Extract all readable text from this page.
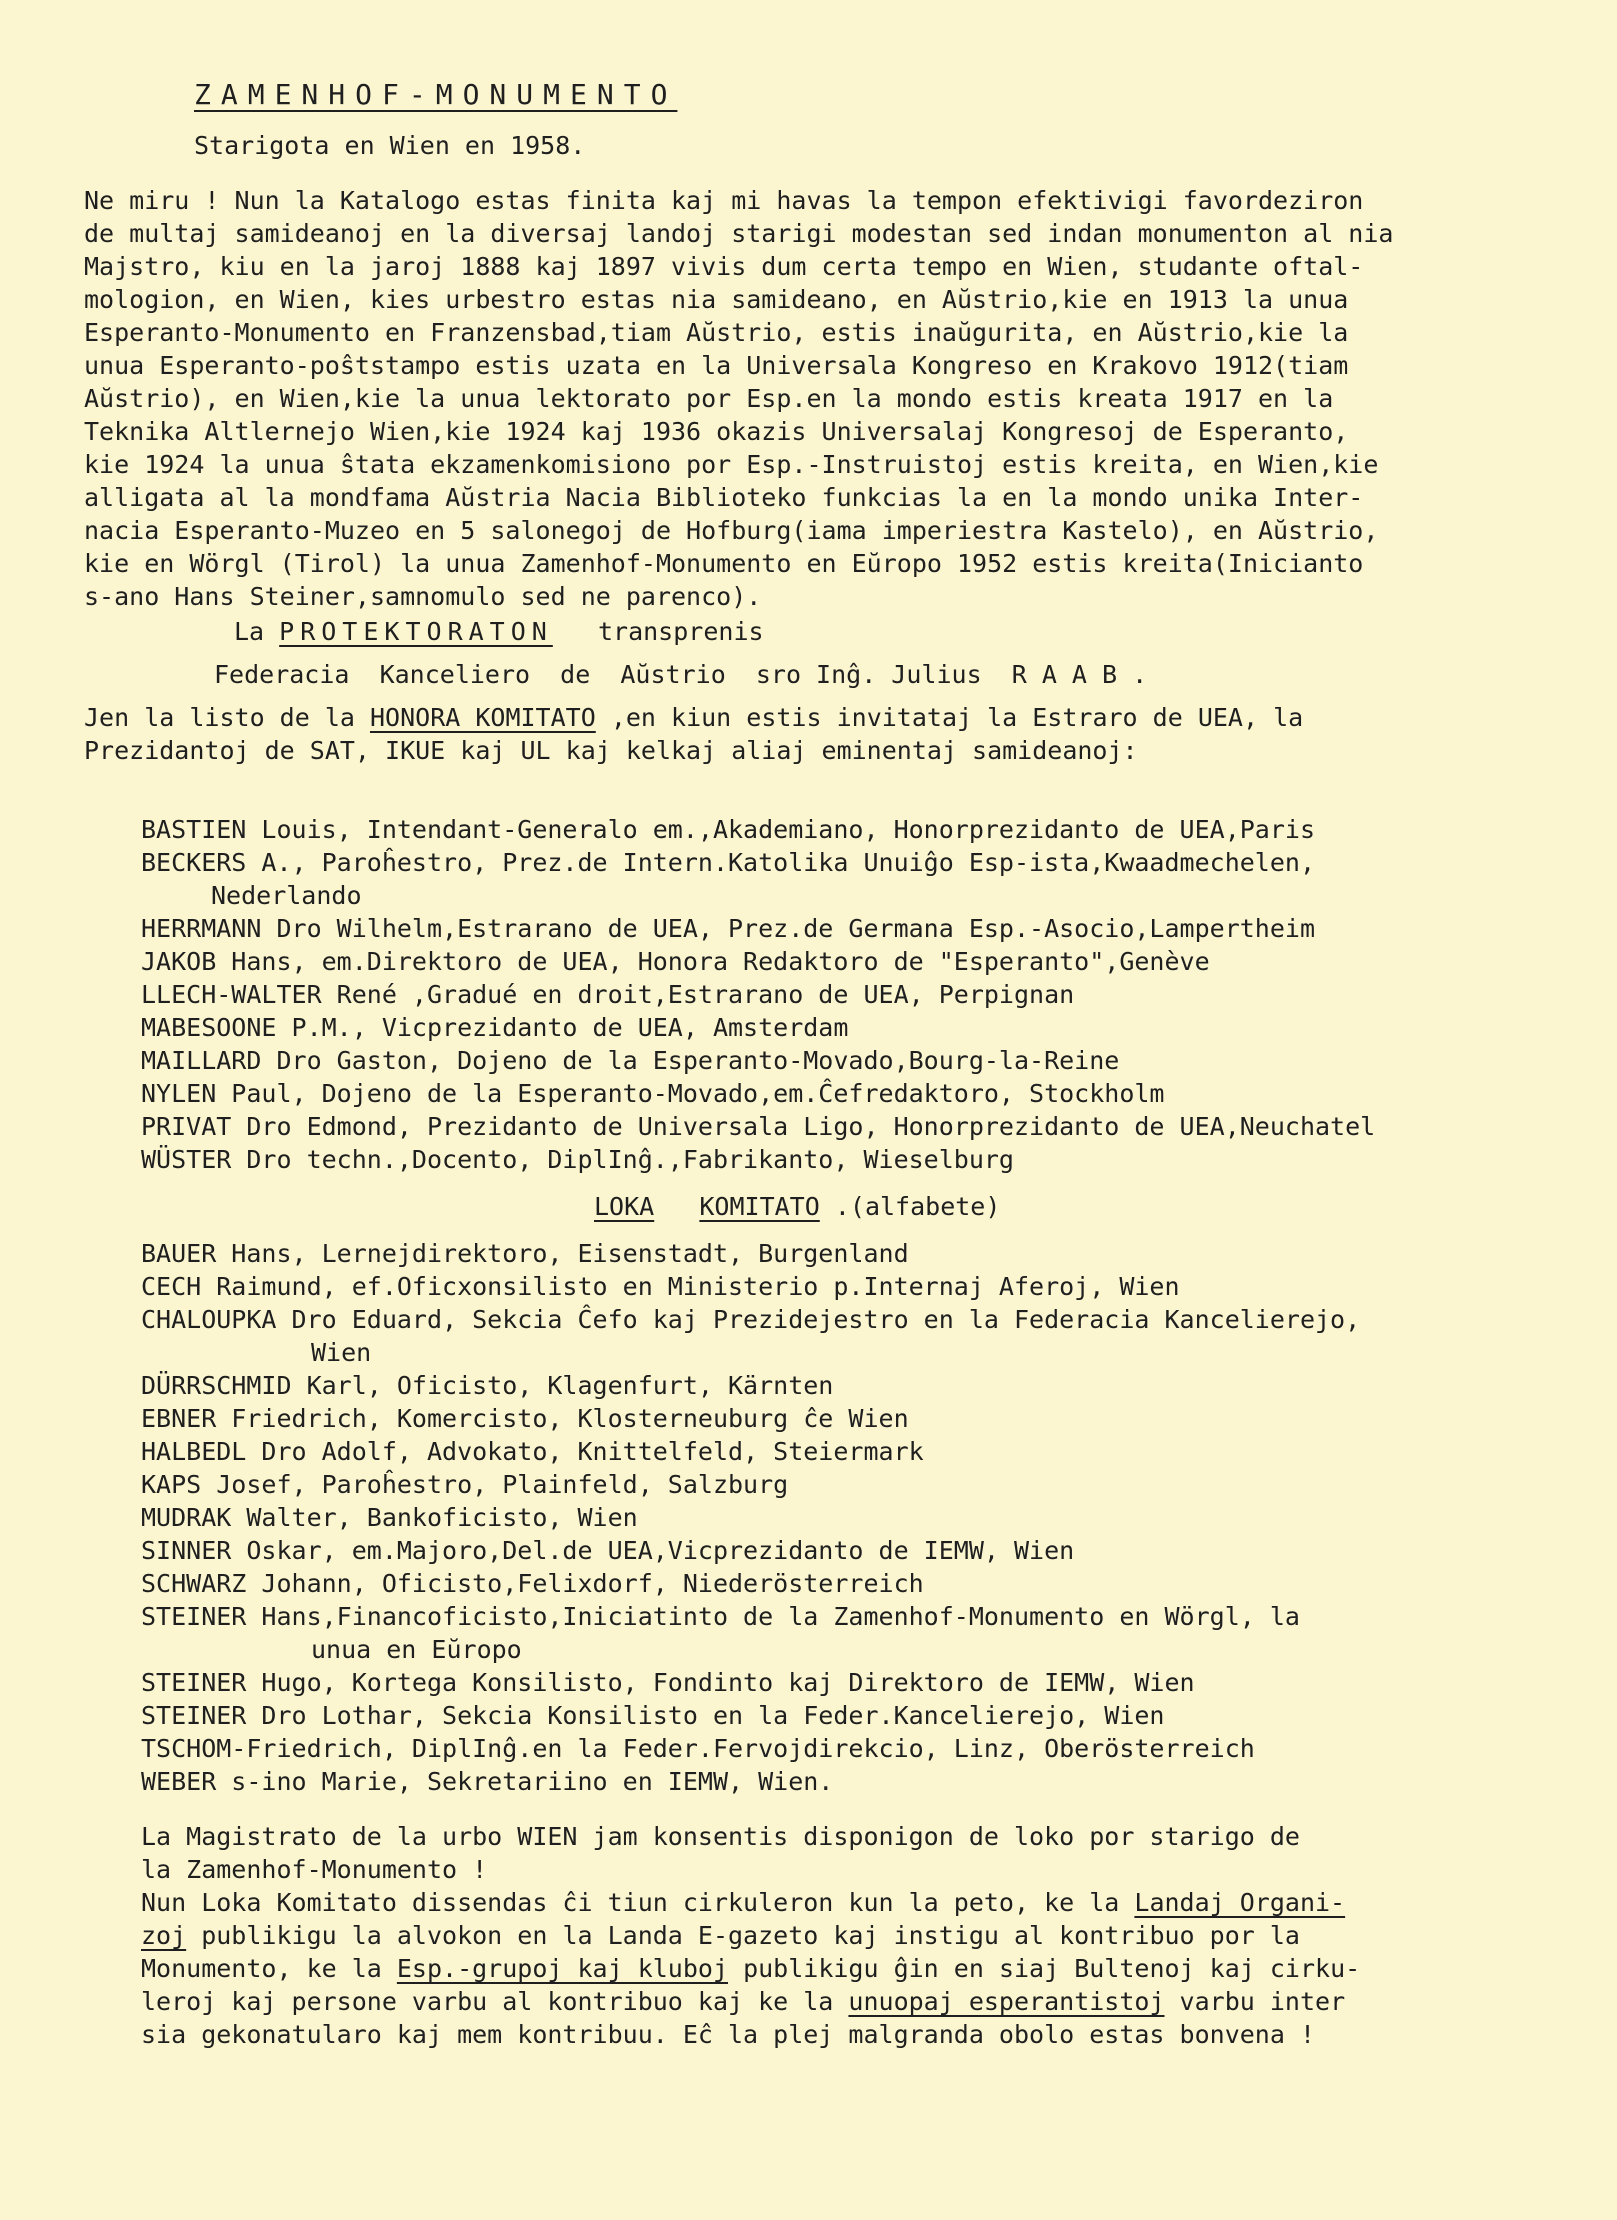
ZAMENHOF-MONUMENTO
Starigota en Wien en 1958.
Ne miru ! Nun la Katalogo estas finita kaj mi havas la tempon efektivigi favordeziron
de multaj samideanoj en la diversaj landoj starigi modestan sed indan monumenton al nia
Majstro, kiu en la jaroj 1888 kaj 1897 vivis dum certa tempo en Wien, studante oftal-
mologion, en Wien, kies urbestro estas nia samideano, en Aŭstrio,kie en 1913 la unua
Esperanto-Monumento en Franzensbad,tiam Aŭstrio, estis inaŭgurita, en Aŭstrio,kie la
unua Esperanto-poŝtstampo estis uzata en la Universala Kongreso en Krakovo 1912(tiam
Aŭstrio), en Wien,kie la unua lektorato por Esp.en la mondo estis kreata 1917 en la
Teknika Altlernejo Wien,kie 1924 kaj 1936 okazis Universalaj Kongresoj de Esperanto,
kie 1924 la unua ŝtata ekzamenkomisiono por Esp.-Instruistoj estis kreita, en Wien,kie
alligata al la mondfama Aŭstria Nacia Biblioteko funkcias la en la mondo unika Inter-
nacia Esperanto-Muzeo en 5 salonegoj de Hofburg(iama imperiestra Kastelo), en Aŭstrio,
kie en Wörgl (Tirol) la unua Zamenhof-Monumento en Eŭropo 1952 estis kreita(Inicianto
s-ano Hans Steiner,samnomulo sed ne parenco).
La PROTEKTORATON   transprenis
Federacia  Kanceliero  de  Aŭstrio  sro Inĝ. Julius  R A A B .
Jen la listo de la HONORA KOMITATO ,en kiun estis invitataj la Estraro de UEA, la
Prezidantoj de SAT, IKUE kaj UL kaj kelkaj aliaj eminentaj samideanoj:
BASTIEN Louis, Intendant-Generalo em.,Akademiano, Honorprezidanto de UEA,Paris
BECKERS A., Paroĥestro, Prez.de Intern.Katolika Unuiĝo Esp-ista,Kwaadmechelen,
Nederlando
HERRMANN Dro Wilhelm,Estrarano de UEA, Prez.de Germana Esp.-Asocio,Lampertheim
JAKOB Hans, em.Direktoro de UEA, Honora Redaktoro de "Esperanto",Genève
LLECH-WALTER René ,Gradué en droit,Estrarano de UEA, Perpignan
MABESOONE P.M., Vicprezidanto de UEA, Amsterdam
MAILLARD Dro Gaston, Dojeno de la Esperanto-Movado,Bourg-la-Reine
NYLEN Paul, Dojeno de la Esperanto-Movado,em.Ĉefredaktoro, Stockholm
PRIVAT Dro Edmond, Prezidanto de Universala Ligo, Honorprezidanto de UEA,Neuchatel
WÜSTER Dro techn.,Docento, DiplInĝ.,Fabrikanto, Wieselburg
LOKA KOMITATO .(alfabete)
BAUER Hans, Lernejdirektoro, Eisenstadt, Burgenland
CECH Raimund, ef.Oficxonsilisto en Ministerio p.Internaj Aferoj, Wien
CHALOUPKA Dro Eduard, Sekcia Ĉefo kaj Prezidejestro en la Federacia Kancelierejo,
Wien
DÜRRSCHMID Karl, Oficisto, Klagenfurt, Kärnten
EBNER Friedrich, Komercisto, Klosterneuburg ĉe Wien
HALBEDL Dro Adolf, Advokato, Knittelfeld, Steiermark
KAPS Josef, Paroĥestro, Plainfeld, Salzburg
MUDRAK Walter, Bankoficisto, Wien
SINNER Oskar, em.Majoro,Del.de UEA,Vicprezidanto de IEMW, Wien
SCHWARZ Johann, Oficisto,Felixdorf, Niederösterreich
STEINER Hans,Financoficisto,Iniciatinto de la Zamenhof-Monumento en Wörgl, la
unua en Eŭropo
STEINER Hugo, Kortega Konsilisto, Fondinto kaj Direktoro de IEMW, Wien
STEINER Dro Lothar, Sekcia Konsilisto en la Feder.Kancelierejo, Wien
TSCHOM-Friedrich, DiplInĝ.en la Feder.Fervojdirekcio, Linz, Oberösterreich
WEBER s-ino Marie, Sekretariino en IEMW, Wien.
La Magistrato de la urbo WIEN jam konsentis disponigon de loko por starigo de
la Zamenhof-Monumento !
Nun Loka Komitato dissendas ĉi tiun cirkuleron kun la peto, ke la Landaj Organi-
zoj publikigu la alvokon en la Landa E-gazeto kaj instigu al kontribuo por la
Monumento, ke la Esp.-grupoj kaj kluboj publikigu ĝin en siaj Bultenoj kaj cirku-
leroj kaj persone varbu al kontribuo kaj ke la unuopaj esperantistoj varbu inter
sia gekonatularo kaj mem kontribuu. Eĉ la plej malgranda obolo estas bonvena !
